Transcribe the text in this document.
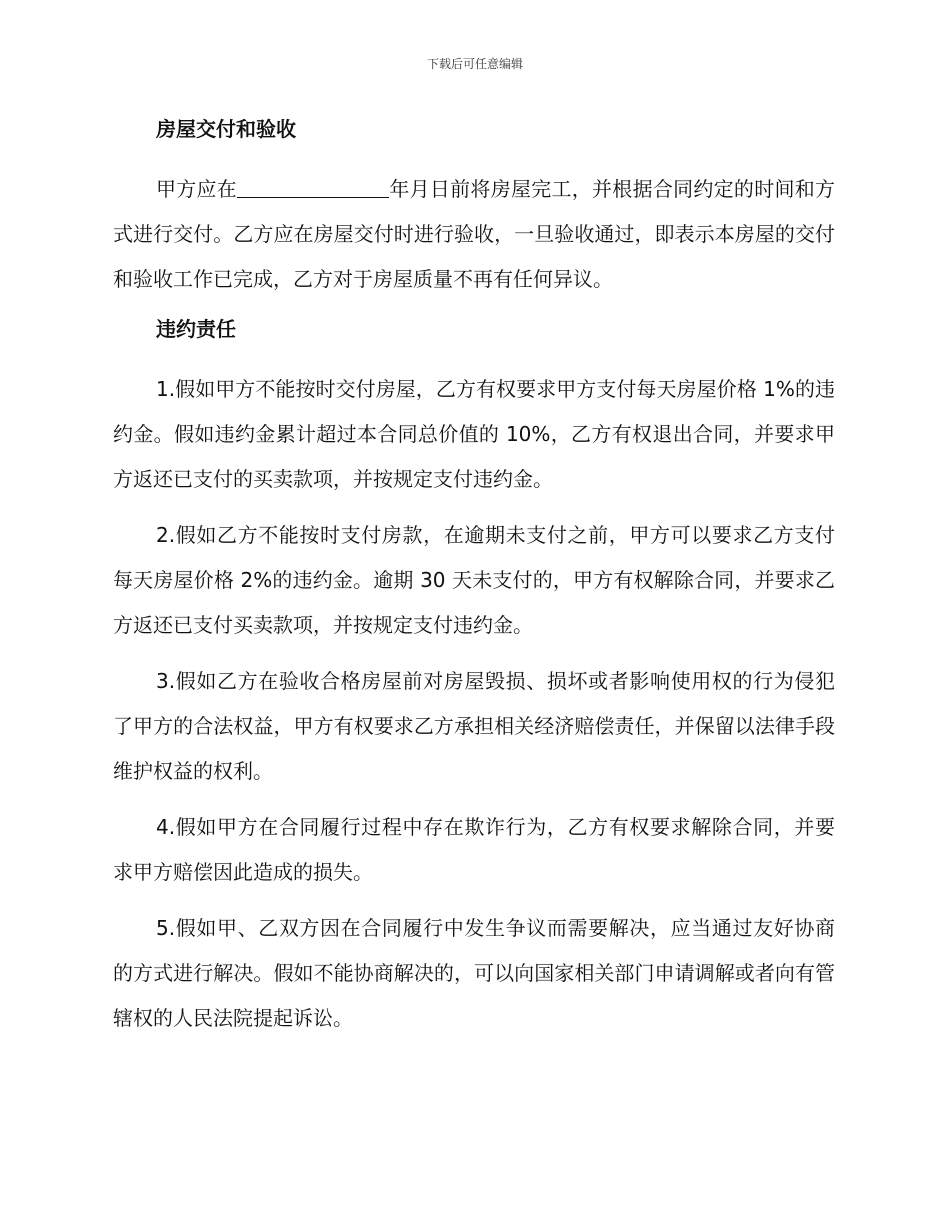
下载后可任意编辑
房屋交付和验收

甲方应在	年月日前将房屋完工，并根据合同约定的时间和方式进行交付。乙方应在房屋交付时进行验收，一旦验收通过，即表示本房屋的交付和验收工作已完成，乙方对于房屋质量不再有任何异议。

违约责任

1.假如甲方不能按时交付房屋，乙方有权要求甲方支付每天房屋价格 1%的违约金。假如违约金累计超过本合同总价值的 10%，乙方有权退出合同，并要求甲方返还已支付的买卖款项，并按规定支付违约金。

2.假如乙方不能按时支付房款，在逾期未支付之前，甲方可以要求乙方支付每天房屋价格 2%的违约金。逾期 30 天未支付的，甲方有权解除合同，并要求乙方返还已支付买卖款项，并按规定支付违约金。

3.假如乙方在验收合格房屋前对房屋毁损、损坏或者影响使用权的行为侵犯了甲方的合法权益，甲方有权要求乙方承担相关经济赔偿责任，并保留以法律手段维护权益的权利。

4.假如甲方在合同履行过程中存在欺诈行为，乙方有权要求解除合同，并要求甲方赔偿因此造成的损失。

5.假如甲、乙双方因在合同履行中发生争议而需要解决，应当通过友好协商的方式进行解决。假如不能协商解决的，可以向国家相关部门申请调解或者向有管辖权的人民法院提起诉讼。
